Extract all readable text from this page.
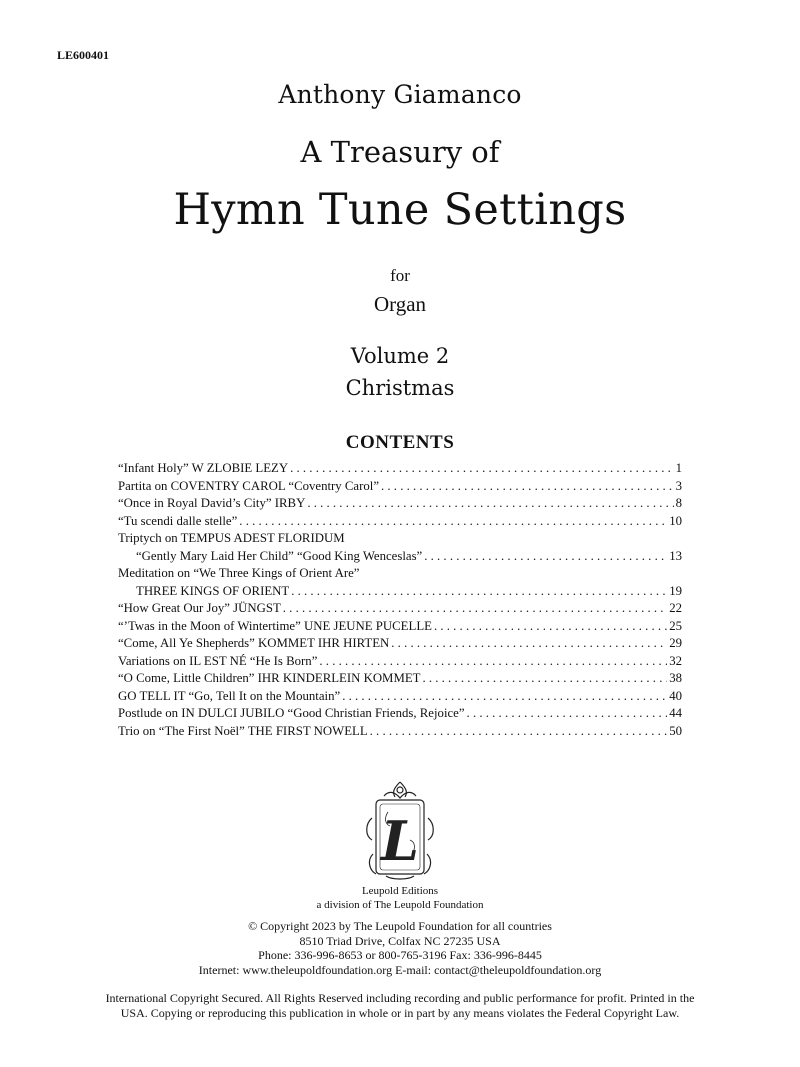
LE600401
Anthony Giamanco
A Treasury of
Hymn Tune Settings
for
Organ
Volume 2
Christmas
CONTENTS
“Infant Holy” W ZLOBIE LEZY . . .	1
Partita on COVENTRY CAROL “Coventry Carol” . . .	3
“Once in Royal David’s City” IRBY . . .	8
“Tu scendi dalle stelle” . . .	10
Triptych on TEMPUS ADEST FLORIDUM
“Gently Mary Laid Her Child” “Good King Wenceslas” . . .	13
Meditation on “We Three Kings of Orient Are”
THREE KINGS OF ORIENT . . .	19
“How Great Our Joy” JÜNGST . . .	22
“’Twas in the Moon of Wintertime” UNE JEUNE PUCELLE . . .	25
“Come, All Ye Shepherds” KOMMET IHR HIRTEN . . .	29
Variations on IL EST NÉ “He Is Born” . . .	32
“O Come, Little Children” IHR KINDERLEIN KOMMET . . .	38
GO TELL IT “Go, Tell It on the Mountain” . . .	40
Postlude on IN DULCI JUBILO “Good Christian Friends, Rejoice” . . .	44
Trio on “The First Noël” THE FIRST NOWELL . . .	50
L
Leupold Editions
a division of The Leupold Foundation
© Copyright 2023 by The Leupold Foundation for all countries
8510 Triad Drive, Colfax NC 27235 USA
Phone: 336-996-8653 or 800-765-3196 Fax: 336-996-8445
Internet: www.theleupoldfoundation.org E-mail: contact@theleupoldfoundation.org
International Copyright Secured. All Rights Reserved including recording and public performance for profit. Printed in the USA. Copying or reproducing this publication in whole or in part by any means violates the Federal Copyright Law.
